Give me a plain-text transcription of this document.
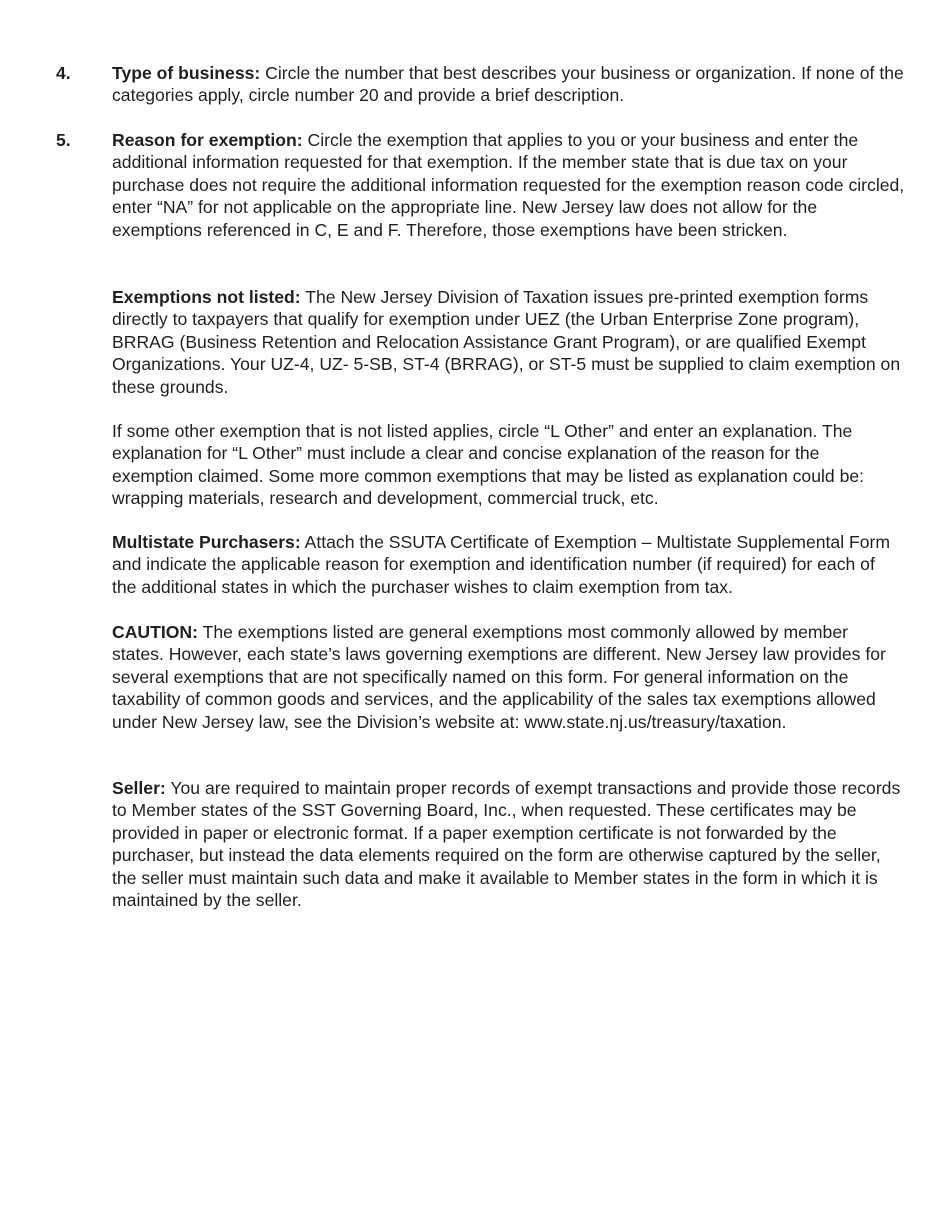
4. Type of business: Circle the number that best describes your business or organization. If none of the categories apply, circle number 20 and provide a brief description.
5. Reason for exemption: Circle the exemption that applies to you or your business and enter the additional information requested for that exemption. If the member state that is due tax on your purchase does not require the additional information requested for the exemption reason code circled, enter “NA” for not applicable on the appropriate line. New Jersey law does not allow for the exemptions referenced in C, E and F. Therefore, those exemptions have been stricken.

Exemptions not listed: The New Jersey Division of Taxation issues pre-printed exemption forms directly to taxpayers that qualify for exemption under UEZ (the Urban Enterprise Zone program), BRRAG (Business Retention and Relocation Assistance Grant Program), or are qualified Exempt Organizations. Your UZ-4, UZ- 5-SB, ST-4 (BRRAG), or ST-5 must be supplied to claim exemption on these grounds.

If some other exemption that is not listed applies, circle “L Other” and enter an explanation. The explanation for “L Other” must include a clear and concise explanation of the reason for the exemption claimed. Some more common exemptions that may be listed as explanation could be: wrapping materials, research and development, commercial truck, etc.

Multistate Purchasers: Attach the SSUTA Certificate of Exemption – Multistate Supplemental Form and indicate the applicable reason for exemption and identification number (if required) for each of the additional states in which the purchaser wishes to claim exemption from tax.

CAUTION: The exemptions listed are general exemptions most commonly allowed by member states. However, each state’s laws governing exemptions are different. New Jersey law provides for several exemptions that are not specifically named on this form. For general information on the taxability of common goods and services, and the applicability of the sales tax exemptions allowed under New Jersey law, see the Division’s website at: www.state.nj.us/treasury/taxation.

Seller: You are required to maintain proper records of exempt transactions and provide those records to Member states of the SST Governing Board, Inc., when requested. These certificates may be provided in paper or electronic format. If a paper exemption certificate is not forwarded by the purchaser, but instead the data elements required on the form are otherwise captured by the seller, the seller must maintain such data and make it available to Member states in the form in which it is maintained by the seller.
